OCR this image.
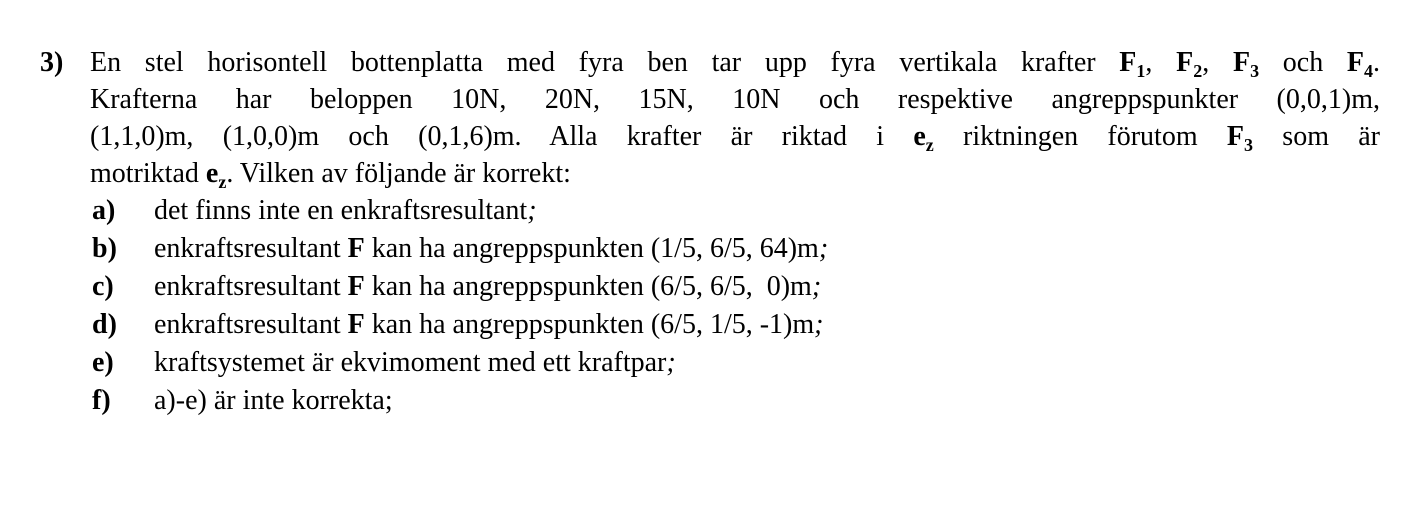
3) En stel horisontell bottenplatta med fyra ben tar upp fyra vertikala krafter $F_1$, $F_2$, $F_3$ och $F_4$.
Krafterna har beloppen 10N, 20N, 15N, 10N och respektive angreppspunkter (0,0,1)m,
(1,1,0)m, (1,0,0)m och (0,1,6)m. Alla krafter är riktad i $e_z$ riktningen förutom $F_3$ som är
motriktad $e_z$. Vilken av följande är korrekt:
a)	det finns inte en enkraftsresultant;
b)	enkraftsresultant F kan ha angreppspunkten (1/5, 6/5, 64)m;
c)	enkraftsresultant F kan ha angreppspunkten (6/5, 6/5,  0)m;
d)	enkraftsresultant F kan ha angreppspunkten (6/5, 1/5, -1)m;
e)	kraftsystemet är ekvimoment med ett kraftpar;
f)	a)-e) är inte korrekta;
